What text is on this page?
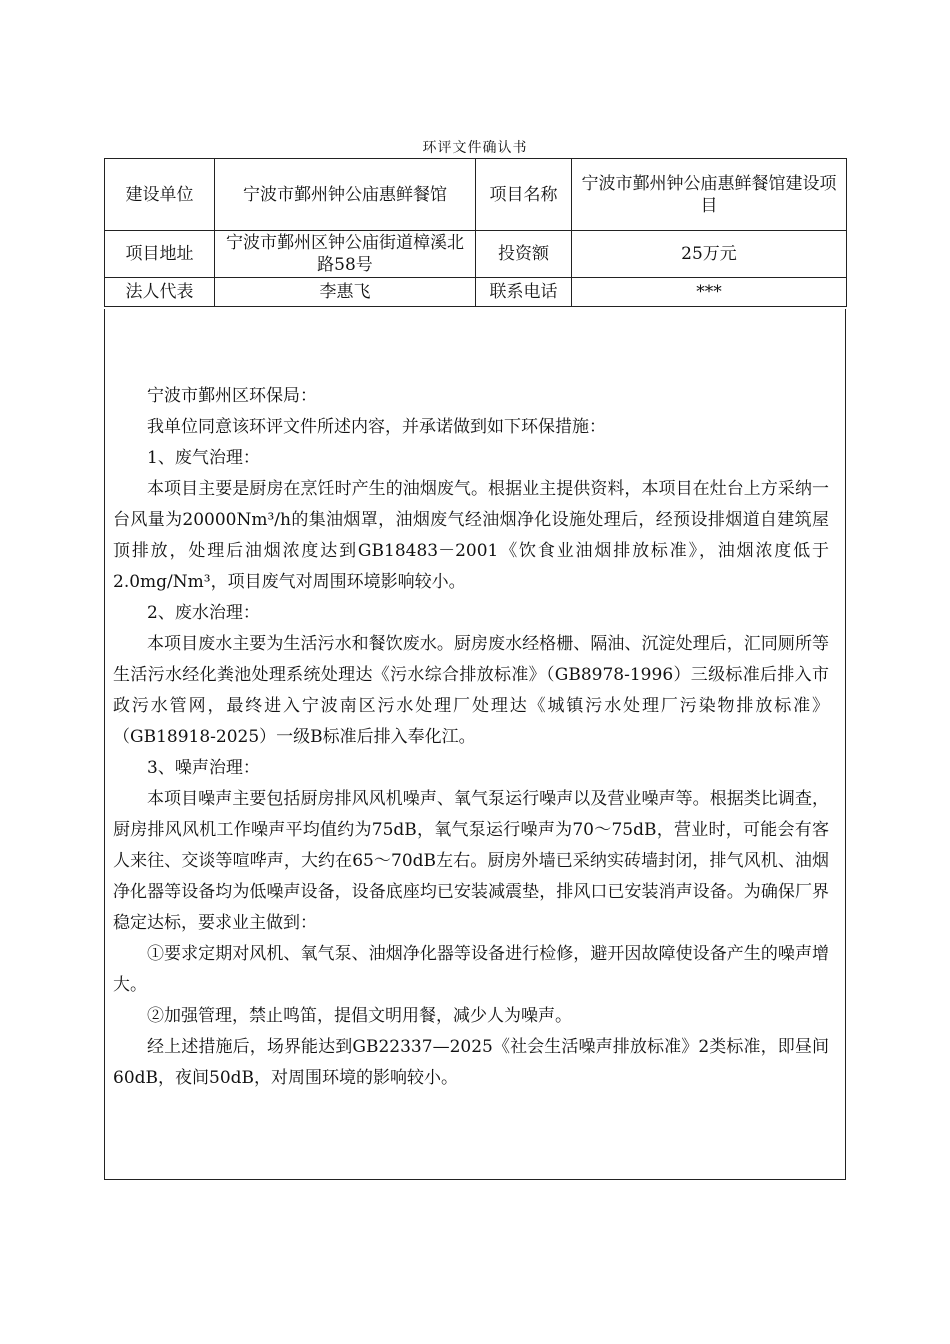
环评文件确认书
建设单位	宁波市鄞州钟公庙惠鲜餐馆	项目名称	宁波市鄞州钟公庙惠鲜餐馆建设项目
项目地址	宁波市鄞州区钟公庙街道樟溪北路58号	投资额	25万元
法人代表	李惠飞	联系电话	***

宁波市鄞州区环保局：

我单位同意该环评文件所述内容，并承诺做到如下环保措施：

1、废气治理：

本项目主要是厨房在烹饪时产生的油烟废气。根据业主提供资料，本项目在灶台上方采纳一台风量为20000Nm³/h的集油烟罩，油烟废气经油烟净化设施处理后，经预设排烟道自建筑屋顶排放，处理后油烟浓度达到GB18483－2001《饮食业油烟排放标准》，油烟浓度低于2.0mg/Nm³，项目废气对周围环境影响较小。

2、废水治理：

本项目废水主要为生活污水和餐饮废水。厨房废水经格栅、隔油、沉淀处理后，汇同厕所等生活污水经化粪池处理系统处理达《污水综合排放标准》（GB8978-1996）三级标准后排入市政污水管网，最终进入宁波南区污水处理厂处理达《城镇污水处理厂污染物排放标准》（GB18918-2025）一级B标准后排入奉化江。

3、噪声治理：

本项目噪声主要包括厨房排风风机噪声、氧气泵运行噪声以及营业噪声等。根据类比调查，厨房排风风机工作噪声平均值约为75dB，氧气泵运行噪声为70～75dB，营业时，可能会有客人来往、交谈等喧哗声，大约在65～70dB左右。厨房外墙已采纳实砖墙封闭，排气风机、油烟净化器等设备均为低噪声设备，设备底座均已安装减震垫，排风口已安装消声设备。为确保厂界稳定达标，要求业主做到：

①要求定期对风机、氧气泵、油烟净化器等设备进行检修，避开因故障使设备产生的噪声增大。

②加强管理，禁止鸣笛，提倡文明用餐，减少人为噪声。

经上述措施后，场界能达到GB22337—2025《社会生活噪声排放标准》2类标准，即昼间60dB，夜间50dB，对周围环境的影响较小。
